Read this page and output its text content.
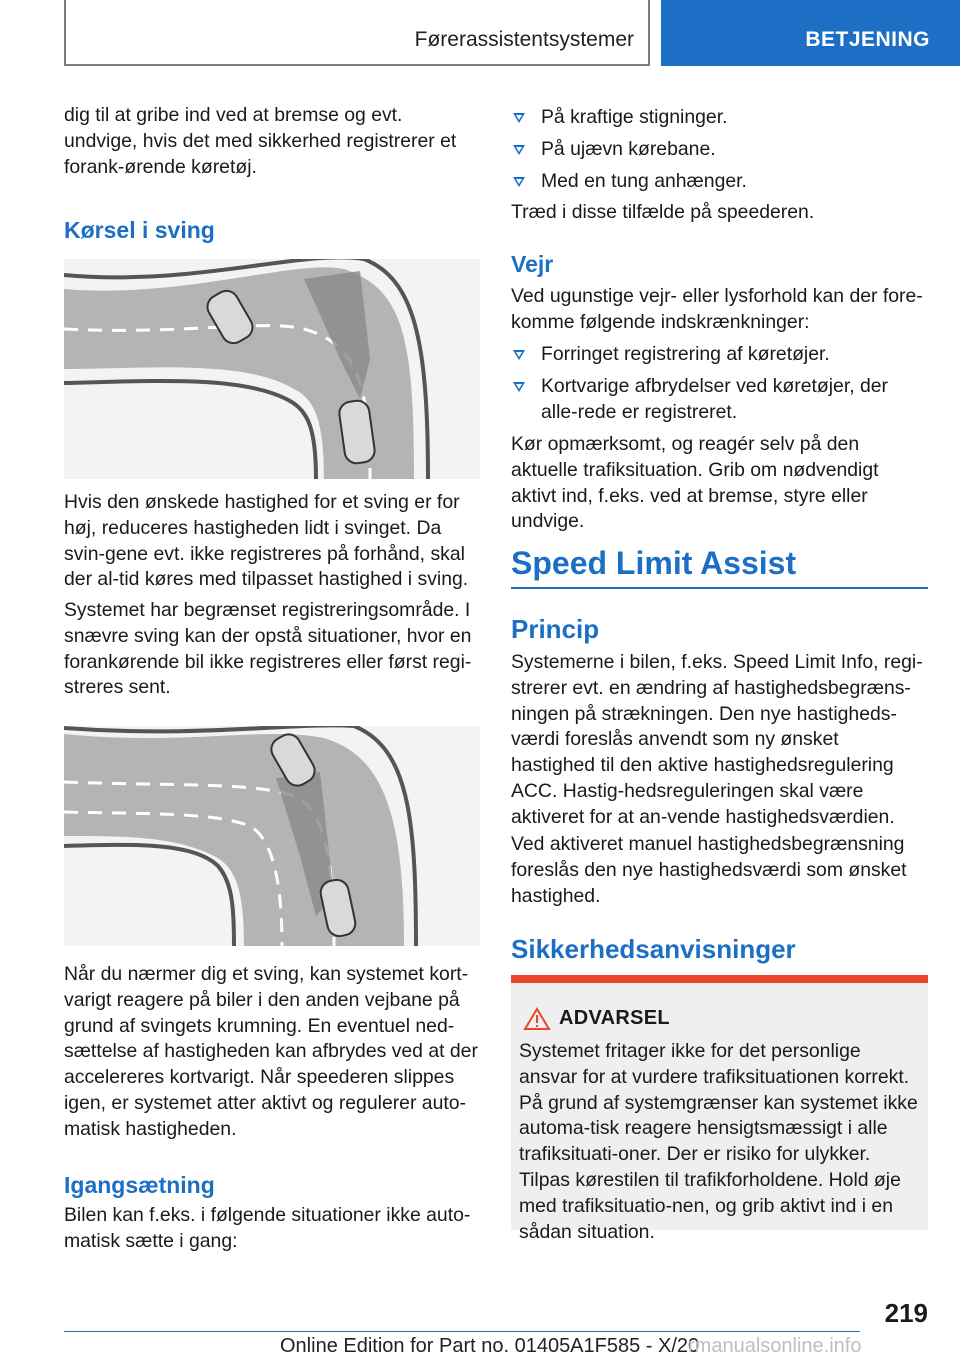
Førerassistentsystemer	BETJENING

dig til at gribe ind ved at bremse og evt. undvige, hvis det med sikkerhed registrerer et forank-ørende køretøj.

Kørsel i sving

Hvis den ønskede hastighed for et sving er for høj, reduceres hastigheden lidt i svinget. Da svin-gene evt. ikke registreres på forhånd, skal der al-tid køres med tilpasset hastighed i sving.

Systemet har begrænset registreringsområde. I snævre sving kan der opstå situationer, hvor en forankørende bil ikke registreres eller først regi-streres sent.

Når du nærmer dig et sving, kan systemet kort-varigt reagere på biler i den anden vejbane på grund af svingets krumning. En eventuel ned-sættelse af hastigheden kan afbrydes ved at der accelereres kortvarigt. Når speederen slippes igen, er systemet atter aktivt og regulerer auto-matisk hastigheden.

Igangsætning

Bilen kan f.eks. i følgende situationer ikke auto-matisk sætte i gang:

På kraftige stigninger.
På ujævn kørebane.
Med en tung anhænger.

Træd i disse tilfælde på speederen.

Vejr

Ved ugunstige vejr- eller lysforhold kan der fore-komme følgende indskrænkninger:

Forringet registrering af køretøjer.
Kortvarige afbrydelser ved køretøjer, der alle-rede er registreret.

Kør opmærksomt, og reagér selv på den aktuelle trafiksituation. Grib om nødvendigt aktivt ind, f.eks. ved at bremse, styre eller undvige.

Speed Limit Assist
Princip

Systemerne i bilen, f.eks. Speed Limit Info, regi-strerer evt. en ændring af hastighedsbegræns-ningen på strækningen. Den nye hastigheds-værdi foreslås anvendt som ny ønsket hastighed til den aktive hastighedsregulering ACC. Hastig-hedsreguleringen skal være aktiveret for at an-vende hastighedsværdien.

Ved aktiveret manuel hastighedsbegrænsning foreslås den nye hastighedsværdi som ønsket hastighed.

Sikkerhedsanvisninger
ADVARSEL
Systemet fritager ikke for det personlige ansvar for at vurdere trafiksituationen korrekt. På grund af systemgrænser kan systemet ikke automa-tisk reagere hensigtsmæssigt i alle trafiksituati-oner. Der er risiko for ulykker. Tilpas kørestilen til trafikforholdene. Hold øje med trafiksituatio-nen, og grib aktivt ind i en sådan situation.
219
Online Edition for Part no. 01405A1F585 - X/20
rmanualsonline.info
